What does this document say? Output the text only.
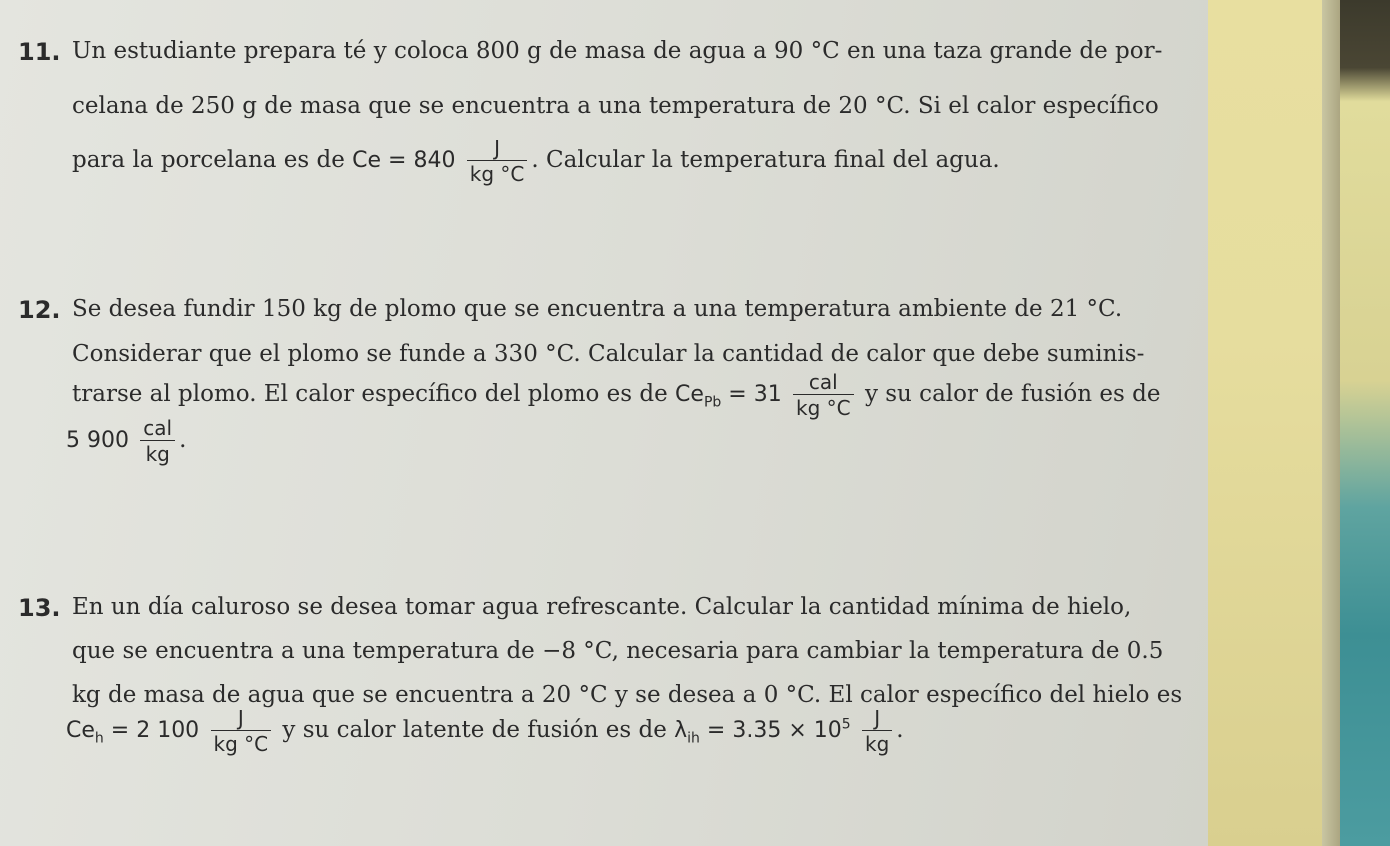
11. Un estudiante prepara té y coloca 800 g de masa de agua a 90 °C en una taza grande de por-
celana de 250 g de masa que se encuentra a una temperatura de 20 °C. Si el calor específico
para la porcelana es de $Ce = 840 \frac{J}{kg ^\circ C}$ . Calcular la temperatura final del agua.
12. Se desea fundir 150 kg de plomo que se encuentra a una temperatura ambiente de 21 °C.
Considerar que el plomo se funde a 330 °C. Calcular la cantidad de calor que debe suminis-
trarse al plomo. El calor específico del plomo es de $Ce_{Pb} = 31 \frac{\text{cal}}{kg ^\circ C}$ y su calor de fusión es de
5 $900 \frac{\text{cal}}{kg}$ .
13. En un día caluroso se desea tomar agua refrescante. Calcular la cantidad mínima de hielo,
que se encuentra a una temperatura de −8 °C, necesaria para cambiar la temperatura de 0.5
kg de masa de agua que se encuentra a 20 °C y se desea a 0 °C. El calor específico del hielo es
$Ce_h = 2$ $100 \frac{J}{kg ^\circ C}$ y su calor latente de fusión es de $\lambda_{ih} = 3.35 \times 10^5 \frac{J}{kg}$ .
